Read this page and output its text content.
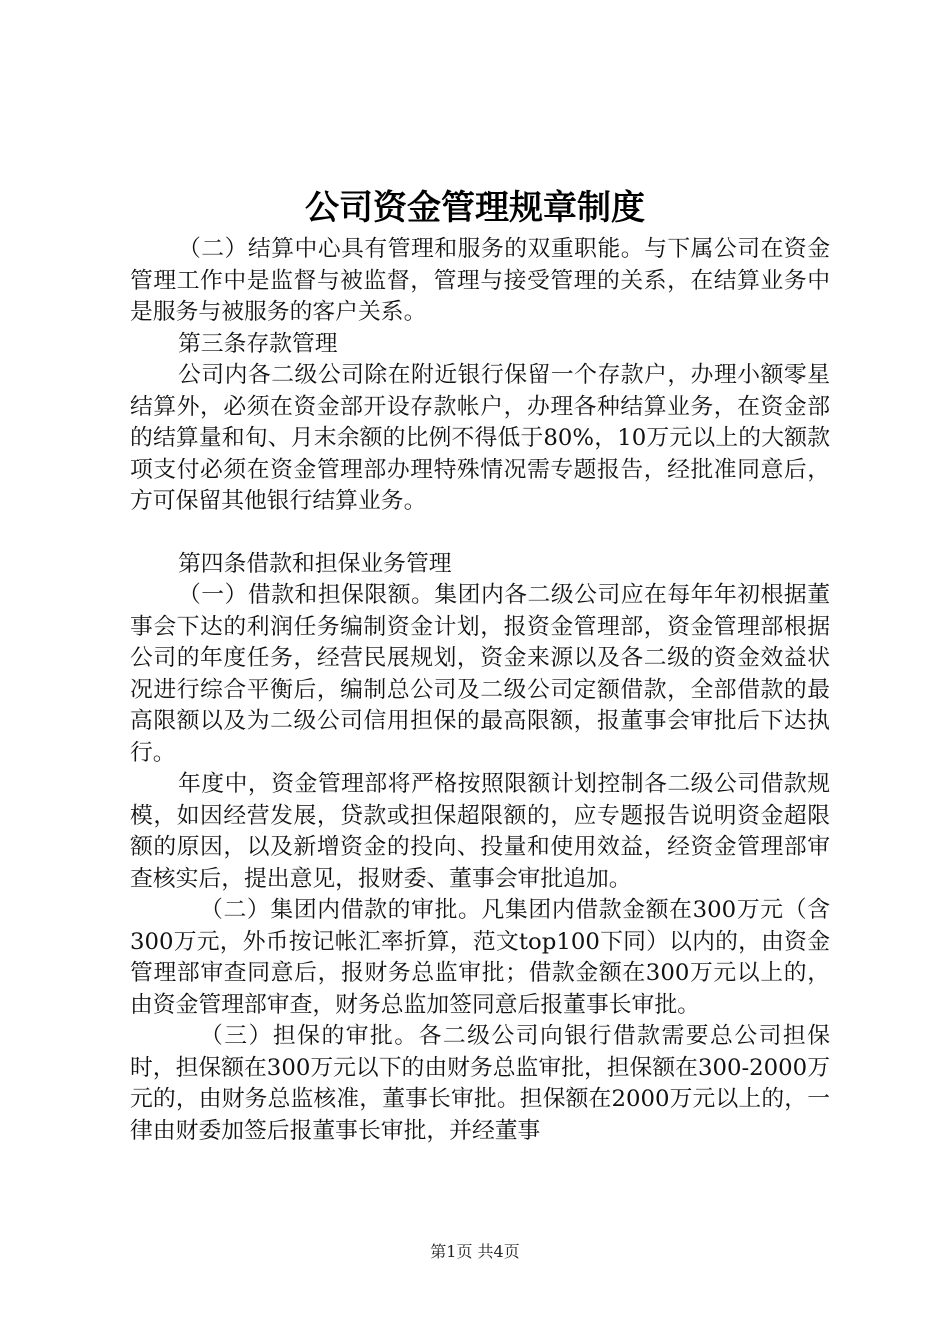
公司资金管理规章制度

（二）结算中心具有管理和服务的双重职能。与下属公司在资金管理工作中是监督与被监督，管理与接受管理的关系，在结算业务中是服务与被服务的客户关系。

第三条存款管理

公司内各二级公司除在附近银行保留一个存款户，办理小额零星结算外，必须在资金部开设存款帐户，办理各种结算业务，在资金部的结算量和旬、月末余额的比例不得低于80%，10万元以上的大额款项支付必须在资金管理部办理特殊情况需专题报告，经批准同意后，方可保留其他银行结算业务。

第四条借款和担保业务管理

（一）借款和担保限额。集团内各二级公司应在每年年初根据董事会下达的利润任务编制资金计划，报资金管理部，资金管理部根据公司的年度任务，经营民展规划，资金来源以及各二级的资金效益状况进行综合平衡后，编制总公司及二级公司定额借款，全部借款的最高限额以及为二级公司信用担保的最高限额，报董事会审批后下达执行。

年度中，资金管理部将严格按照限额计划控制各二级公司借款规模，如因经营发展，贷款或担保超限额的，应专题报告说明资金超限额的原因，以及新增资金的投向、投量和使用效益，经资金管理部审查核实后，提出意见，报财委、董事会审批追加。

（二）集团内借款的审批。凡集团内借款金额在300万元（含300万元，外币按记帐汇率折算，范文top100下同）以内的，由资金管理部审查同意后，报财务总监审批；借款金额在300万元以上的，由资金管理部审查，财务总监加签同意后报董事长审批。

（三）担保的审批。各二级公司向银行借款需要总公司担保时，担保额在300万元以下的由财务总监审批，担保额在300-2000万元的，由财务总监核准，董事长审批。担保额在2000万元以上的，一律由财委加签后报董事长审批，并经董事

第1页 共4页
